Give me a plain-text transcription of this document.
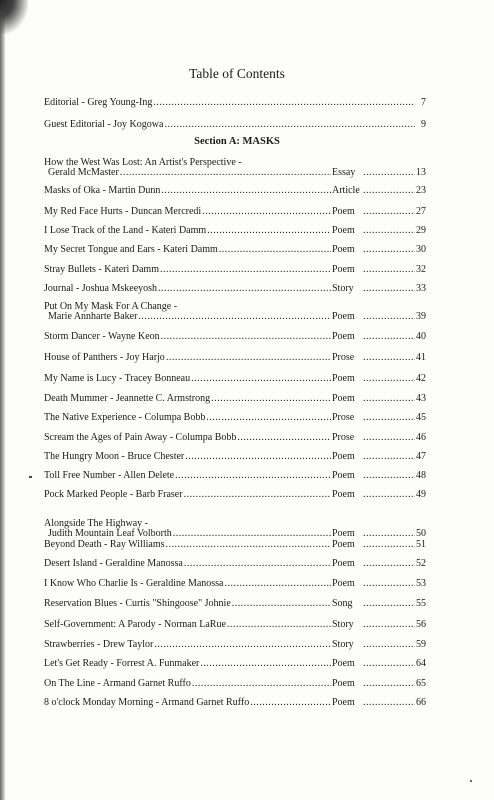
Table of Contents
Editorial - Greg Young-Ing .....	7
Guest Editorial - Joy Kogowa .....	9
Section A: MASKS
How the West Was Lost: An Artist's Perspective -
Gerald McMaster .....	Essay .....	13
Masks of Oka - Martin Dunn .....	Article .....	23
My Red Face Hurts - Duncan Mercredi .....	Poem .....	27
I Lose Track of the Land - Kateri Damm .....	Poem .....	29
My Secret Tongue and Ears - Kateri Damm .....	Poem .....	30
Stray Bullets - Kateri Damm .....	Poem .....	32
Journal - Joshua Mskeeyosh .....	Story .....	33
Put On My Mask For A Change -
Marie Annharte Baker .....	Poem .....	39
Storm Dancer - Wayne Keon .....	Poem .....	40
House of Panthers - Joy Harjo .....	Prose .....	41
My Name is Lucy - Tracey Bonneau .....	Poem .....	42
Death Mummer - Jeannette C. Armstrong .....	Poem .....	43
The Native Experience - Columpa Bobb .....	Prose .....	45
Scream the Ages of Pain Away - Columpa Bobb .....	Prose .....	46
The Hungry Moon - Bruce Chester .....	Poem .....	47
Toll Free Number - Allen Delete .....	Poem .....	48
Pock Marked People - Barb Fraser .....	Poem .....	49
Alongside The Highway -
Judith Mountain Leaf Volborth .....	Poem .....	50
Beyond Death - Ray Williams .....	Poem .....	51
Desert Island - Geraldine Manossa .....	Poem .....	52
I Know Who Charlie Is - Geraldine Manossa .....	Poem .....	53
Reservation Blues - Curtis "Shingoose" Johnie .....	Song .....	55
Self-Government: A Parody - Norman LaRue .....	Story .....	56
Strawberries - Drew Taylor .....	Story .....	59
Let's Get Ready - Forrest A. Funmaker .....	Poem .....	64
On The Line - Armand Garnet Ruffo .....	Poem .....	65
8 o'clock Monday Morning - Armand Garnet Ruffo .....	Poem .....	66
